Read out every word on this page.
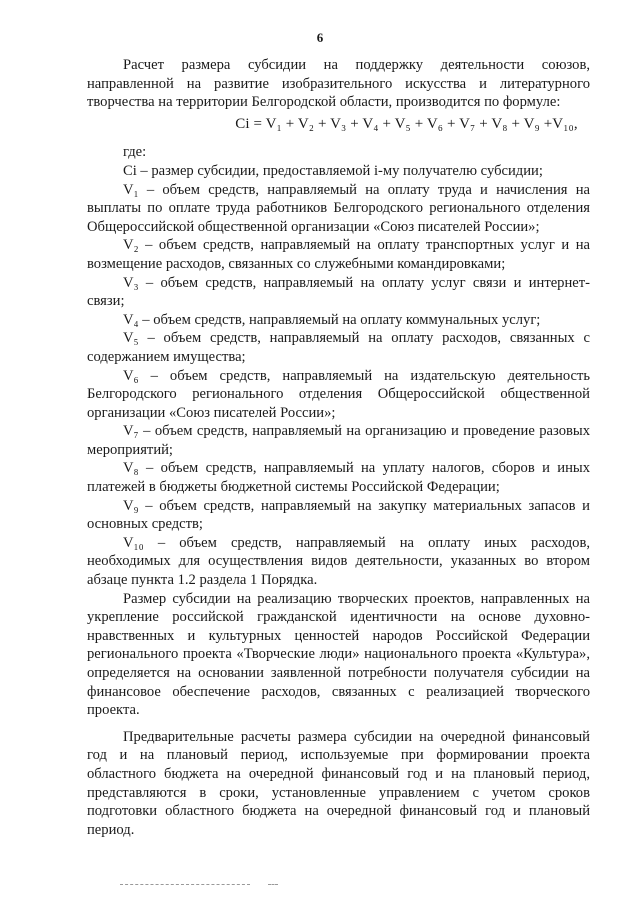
6

Расчет размера субсидии на поддержку деятельности союзов, направленной на развитие изобразительного искусства и литературного творчества на территории Белгородской области, производится по формуле:

Ci = V₁ + V₂ + V₃ + V₄ + V₅ + V₆ + V₇ + V₈ + V₉ +V₁₀,

где:

Ci – размер субсидии, предоставляемой i-му получателю субсидии;

V₁ – объем средств, направляемый на оплату труда и начисления на выплаты по оплате труда работников Белгородского регионального отделения Общероссийской общественной организации «Союз писателей России»;

V₂ – объем средств, направляемый на оплату транспортных услуг и на возмещение расходов, связанных со служебными командировками;

V₃ – объем средств, направляемый на оплату услуг связи и интернет-связи;

V₄ – объем средств, направляемый на оплату коммунальных услуг;

V₅ – объем средств, направляемый на оплату расходов, связанных с содержанием имущества;

V₆ – объем средств, направляемый на издательскую деятельность Белгородского регионального отделения Общероссийской общественной организации «Союз писателей России»;

V₇ – объем средств, направляемый на организацию и проведение разовых мероприятий;

V₈ – объем средств, направляемый на уплату налогов, сборов и иных платежей в бюджеты бюджетной системы Российской Федерации;

V₉ – объем средств, направляемый на закупку материальных запасов и основных средств;

V₁₀ – объем средств, направляемый на оплату иных расходов, необходимых для осуществления видов деятельности, указанных во втором абзаце пункта 1.2 раздела 1 Порядка.

Размер субсидии на реализацию творческих проектов, направленных на укрепление российской гражданской идентичности на основе духовно-нравственных и культурных ценностей народов Российской Федерации регионального проекта «Творческие люди» национального проекта «Культура», определяется на основании заявленной потребности получателя субсидии на финансовое обеспечение расходов, связанных с реализацией творческого проекта.

Предварительные расчеты размера субсидии на очередной финансовый год и на плановый период, используемые при формировании проекта областного бюджета на очередной финансовый год и на плановый период, представляются в сроки, установленные управлением с учетом сроков подготовки областного бюджета на очередной финансовый год и плановый период.
